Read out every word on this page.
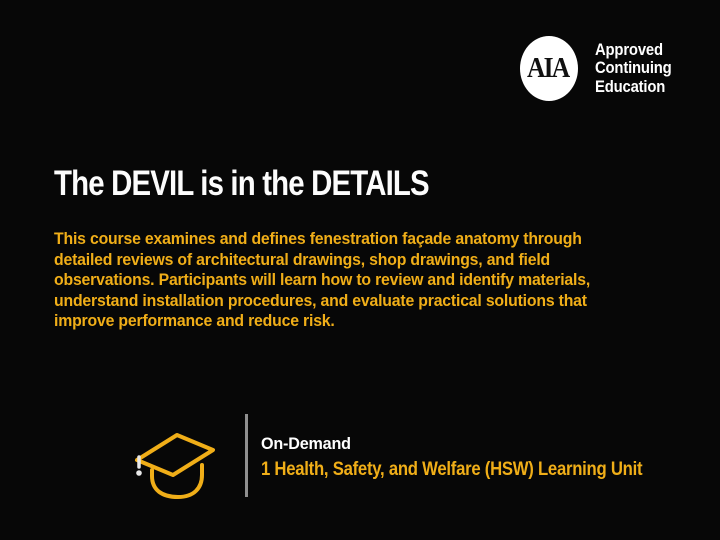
AIA
Approved
Continuing
Education
The DEVIL is in the DETAILS
This course examines and defines fenestration façade anatomy through
detailed reviews of architectural drawings, shop drawings, and field
observations. Participants will learn how to review and identify materials,
understand installation procedures, and evaluate practical solutions that
improve performance and reduce risk.
On-Demand
1 Health, Safety, and Welfare (HSW) Learning Unit
